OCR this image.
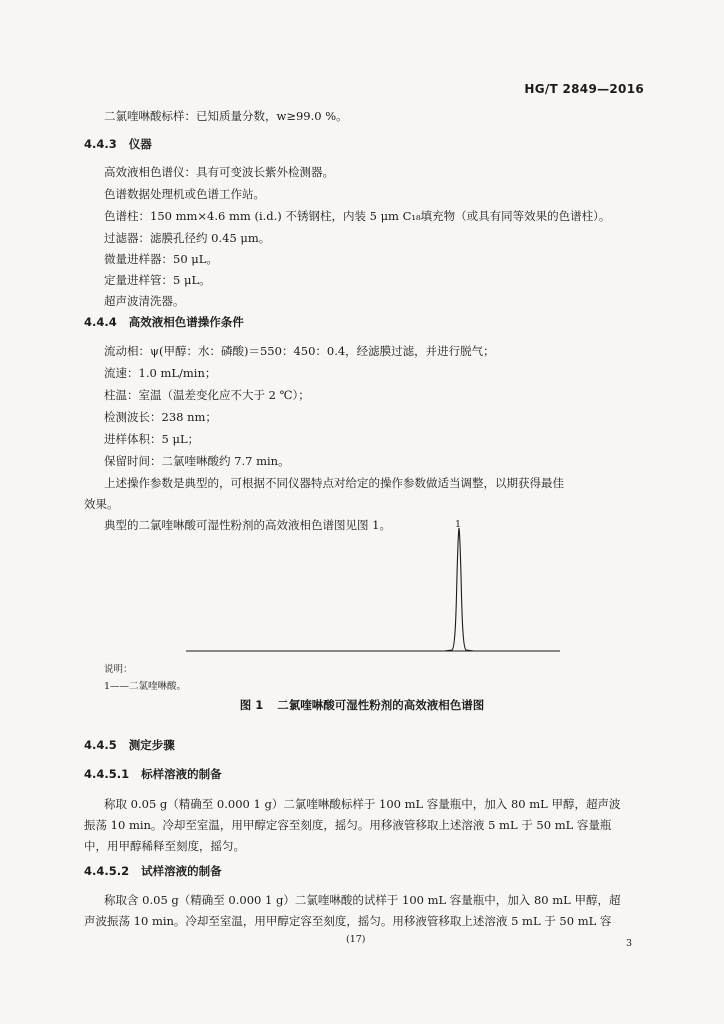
HG/T 2849—2016
二氯喹啉酸标样：已知质量分数，w≥99.0 %。
4.4.3 仪器
高效液相色谱仪：具有可变波长紫外检测器。
色谱数据处理机或色谱工作站。
色谱柱：150 mm×4.6 mm (i.d.) 不锈钢柱，内装 5 μm C₁₈填充物（或具有同等效果的色谱柱）。
过滤器：滤膜孔径约 0.45 μm。
微量进样器：50 μL。
定量进样管：5 μL。
超声波清洗器。
4.4.4 高效液相色谱操作条件
流动相：ψ(甲醇：水：磷酸)＝550：450：0.4，经滤膜过滤，并进行脱气；
流速：1.0 mL/min；
柱温：室温（温差变化应不大于 2 ℃）；
检测波长：238 nm；
进样体积：5 μL；
保留时间：二氯喹啉酸约 7.7 min。
上述操作参数是典型的，可根据不同仪器特点对给定的操作参数做适当调整，以期获得最佳
效果。
典型的二氯喹啉酸可湿性粉剂的高效液相色谱图见图 1。	1
说明：
1——二氯喹啉酸。
图 1 二氯喹啉酸可湿性粉剂的高效液相色谱图
4.4.5 测定步骤
4.4.5.1 标样溶液的制备
称取 0.05 g（精确至 0.000 1 g）二氯喹啉酸标样于 100 mL 容量瓶中，加入 80 mL 甲醇，超声波
振荡 10 min。冷却至室温，用甲醇定容至刻度，摇匀。用移液管移取上述溶液 5 mL 于 50 mL 容量瓶
中，用甲醇稀释至刻度，摇匀。
4.4.5.2 试样溶液的制备
称取含 0.05 g（精确至 0.000 1 g）二氯喹啉酸的试样于 100 mL 容量瓶中，加入 80 mL 甲醇，超
声波振荡 10 min。冷却至室温，用甲醇定容至刻度，摇匀。用移液管移取上述溶液 5 mL 于 50 mL 容
(17)	3
